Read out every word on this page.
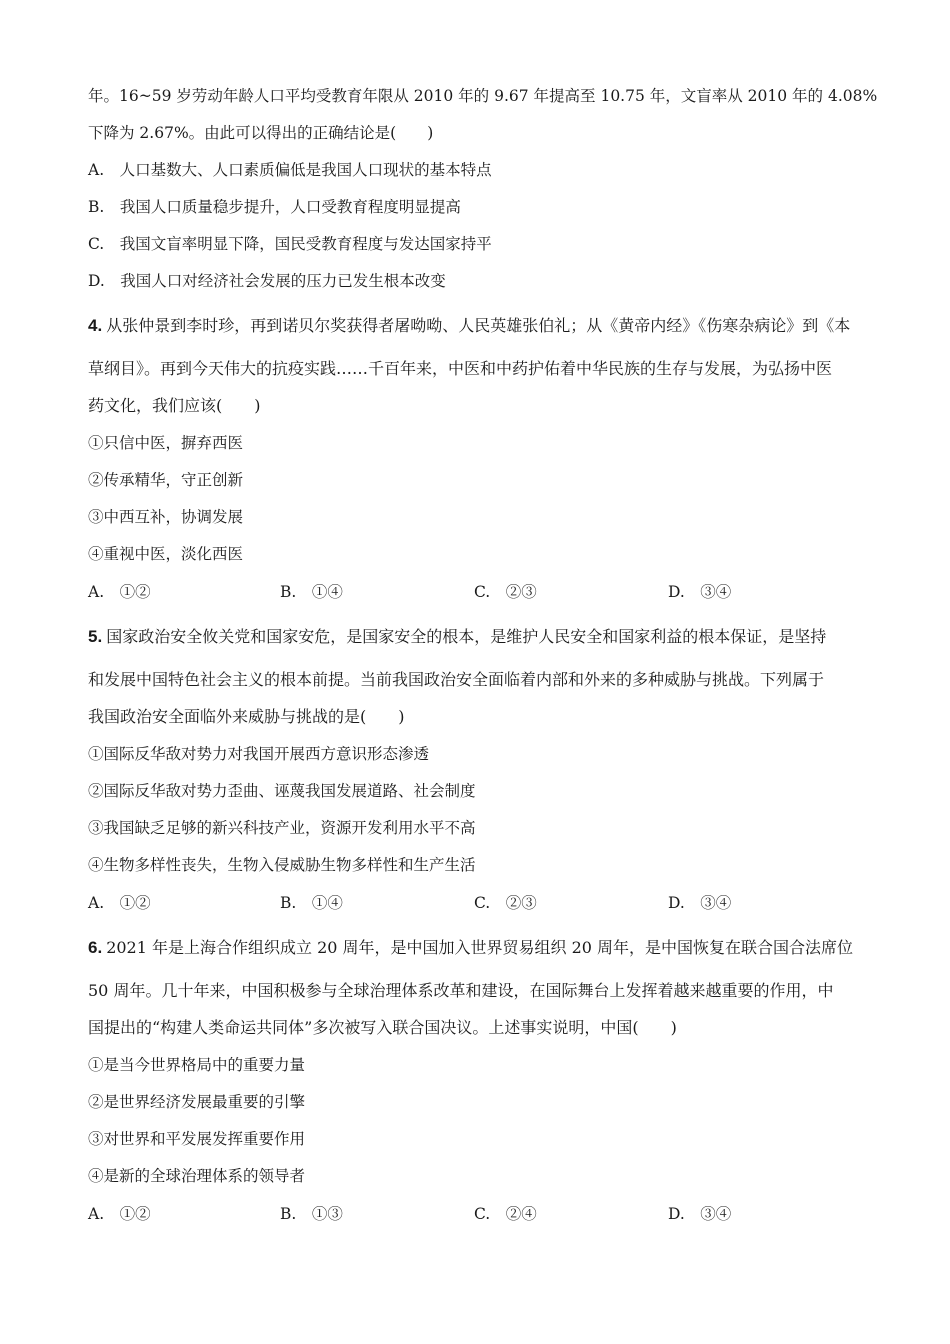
年。16~59 岁劳动年龄人口平均受教育年限从 2010 年的 9.67 年提高至 10.75 年，文盲率从 2010 年的 4.08%
下降为 2.67%。由此可以得出的正确结论是(　　)
A.　人口基数大、人口素质偏低是我国人口现状的基本特点
B.　我国人口质量稳步提升，人口受教育程度明显提高
C.　我国文盲率明显下降，国民受教育程度与发达国家持平
D.　我国人口对经济社会发展的压力已发生根本改变
4. 从张仲景到李时珍，再到诺贝尔奖获得者屠呦呦、人民英雄张伯礼；从《黄帝内经》《伤寒杂病论》到《本
草纲目》。再到今天伟大的抗疫实践……千百年来，中医和中药护佑着中华民族的生存与发展，为弘扬中医
药文化，我们应该(　　)
①只信中医，摒弃西医
②传承精华，守正创新
③中西互补，协调发展
④重视中医，淡化西医
A.　①②	B.　①④	C.　②③	D.　③④
5. 国家政治安全攸关党和国家安危，是国家安全的根本，是维护人民安全和国家利益的根本保证，是坚持
和发展中国特色社会主义的根本前提。当前我国政治安全面临着内部和外来的多种威胁与挑战。下列属于
我国政治安全面临外来威胁与挑战的是(　　)
①国际反华敌对势力对我国开展西方意识形态渗透
②国际反华敌对势力歪曲、诬蔑我国发展道路、社会制度
③我国缺乏足够的新兴科技产业，资源开发利用水平不高
④生物多样性丧失，生物入侵威胁生物多样性和生产生活
A.　①②	B.　①④	C.　②③	D.　③④
6. 2021 年是上海合作组织成立 20 周年，是中国加入世界贸易组织 20 周年，是中国恢复在联合国合法席位
50 周年。几十年来，中国积极参与全球治理体系改革和建设，在国际舞台上发挥着越来越重要的作用，中
国提出的“构建人类命运共同体”多次被写入联合国决议。上述事实说明，中国(　　)
①是当今世界格局中的重要力量
②是世界经济发展最重要的引擎
③对世界和平发展发挥重要作用
④是新的全球治理体系的领导者
A.　①②	B.　①③	C.　②④	D.　③④
